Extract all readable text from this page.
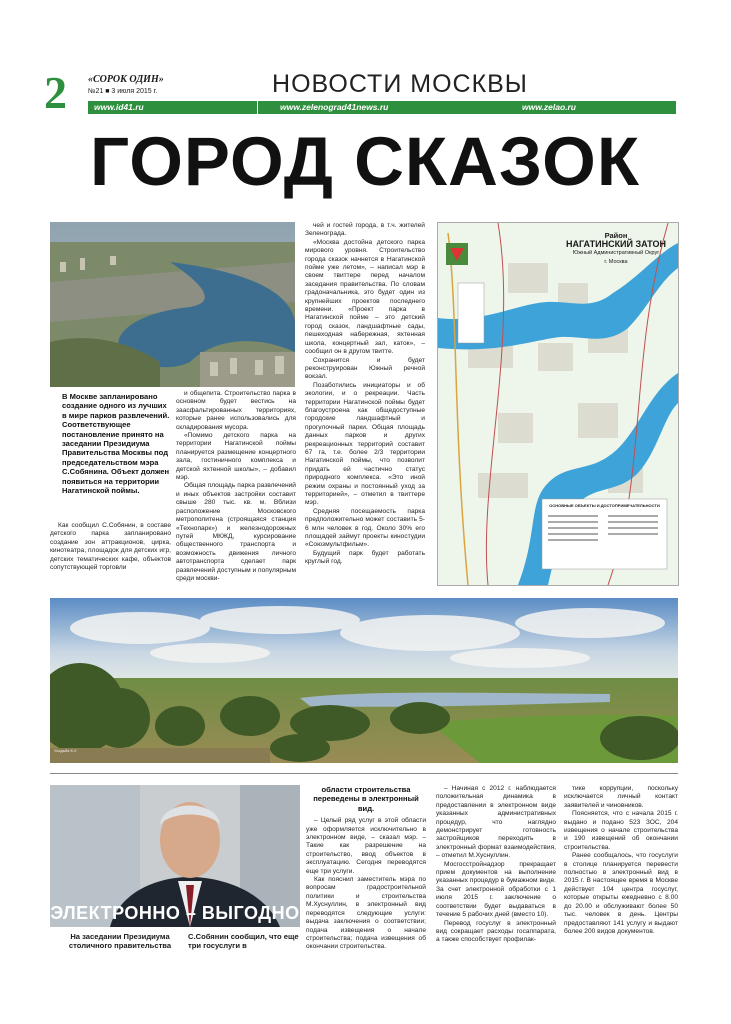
2 «СОРОК ОДИН»
№21 ■ 3 июля 2015 г.	НОВОСТИ МОСКВЫ
www.id41.ru	www.zelenograd41news.ru	www.zelao.ru
ГОРОД СКАЗОК
В Москве запланировано создание одного из лучших в мире парков развлечений. Соответствующее постановление принято на заседании Президиума Правительства Москвы под председательством мэра С.Собянина. Объект должен появиться на территории Нагатинской поймы.

Как сообщил С.Собянин, в составе детского парка запланировано создание зон аттракционов, цирка, кинотеатра, площадок для детских игр, детских тематических кафе, объектов сопутствующей торговли

и общепита. Строительство парка в основном будет вестись на заасфальтированных территориях, которые ранее использовались для складирования мусора.

«Помимо детского парка на территории Нагатинской поймы планируется размещение концертного зала, гостиничного комплекса и детской яхтенной школы», – добавил мэр.

Общая площадь парка развлечений и иных объектов застройки составит свыше 280 тыс. кв. м. Вблизи расположение Московского метрополитена (строящаяся станция «Технопарк») и железнодорожных путей МКЖД, курсирование общественного транспорта и возможность движения личного автотранспорта сделает парк развлечений доступным и популярным среди москви-

чей и гостей города, в т.ч. жителей Зеленограда.

«Москва достойна детского парка мирового уровня. Строительство города сказок начнется в Нагатинской пойме уже летом», – написал мэр в своем твиттере перед началом заседания правительства. По словам градоначальника, это будет один из крупнейших проектов последнего времени. «Проект парка в Нагатинской пойме – это детский город сказок, ландшафтные сады, пешеходная набережная, яхтенная школа, концертный зал, каток», – сообщил он в другом твитте.

Сохранится и будет реконструирован Южный речной вокзал.

Позаботились инициаторы и об экологии, и о рекреации. Часть территории Нагатинской поймы будет благоустроена как общедоступные городские ландшафтный и прогулочный парки. Общая площадь данных парков и других рекреационных территорий составит 67 га, т.е. более 2/3 территории Нагатинской поймы, что позволит придать ей частично статус природного комплекса. «Это иной режим охраны и постоянный уход за территорией», – отметил в твиттере мэр.

Средняя посещаемость парка предположительно может составить 5-6 млн человек в год. Около 30% его площадей займут проекты киностудии «Союзмультфильм».

Будущий парк будет работать круглый год.

Район
НАГАТИНСКИЙ ЗАТОН
Южный Административный Округ
г. Москва
ОСНОВНЫЕ ОБЪЕКТЫ И ДОСТОПРИМЕЧАТЕЛЬНОСТИ
Усадьба К.У.
ЭЛЕКТРОННО – ВЫГОДНО
На заседании Президиума столичного правительства
С.Собянин сообщил, что еще три госуслуги в
области строительства переведены в электронный вид.

– Целый ряд услуг в этой области уже оформляется исключительно в электронном виде, – сказал мэр. – Такие как разрешение на строительство, ввод объектов в эксплуатацию. Сегодня переводятся еще три услуги.

Как пояснил заместитель мэра по вопросам градостроительной политики и строительства М.Хуснуллин, в электронный вид переводятся следующие услуги: выдача заключения о соответствии; подача извещения о начале строительства; подача извещения об окончании строительства.

– Начиная с 2012 г. наблюдается положительная динамика в предоставлении в электронном виде указанных административных процедур, что наглядно демонстрирует готовность застройщиков переходить в электронный формат взаимодействия, – отметил М.Хуснуллин.

Мосгосстройнадзор прекращает прием документов на выполнение указанных процедур в бумажном виде. За счет электронной обработки с 1 июля 2015 г. заключение о соответствии будет выдаваться в течение 5 рабочих дней (вместо 10).

Перевод госуслуг в электронный вид сокращает расходы госаппарата, а также способствует профилак-

тике коррупции, поскольку исключается личный контакт заявителей и чиновников.

Поясняется, что с начала 2015 г. выдано и подано 523 ЗОС, 204 извещения о начале строительства и 190 извещений об окончании строительства.

Ранее сообщалось, что госуслуги в столице планируется перевести полностью в электронный вид в 2015 г. В настоящее время в Москве действует 104 центра госуслуг, которые открыты ежедневно с 8.00 до 20.00 и обслуживают более 50 тыс. человек в день. Центры предоставляют 141 услугу и выдают более 200 видов документов.
